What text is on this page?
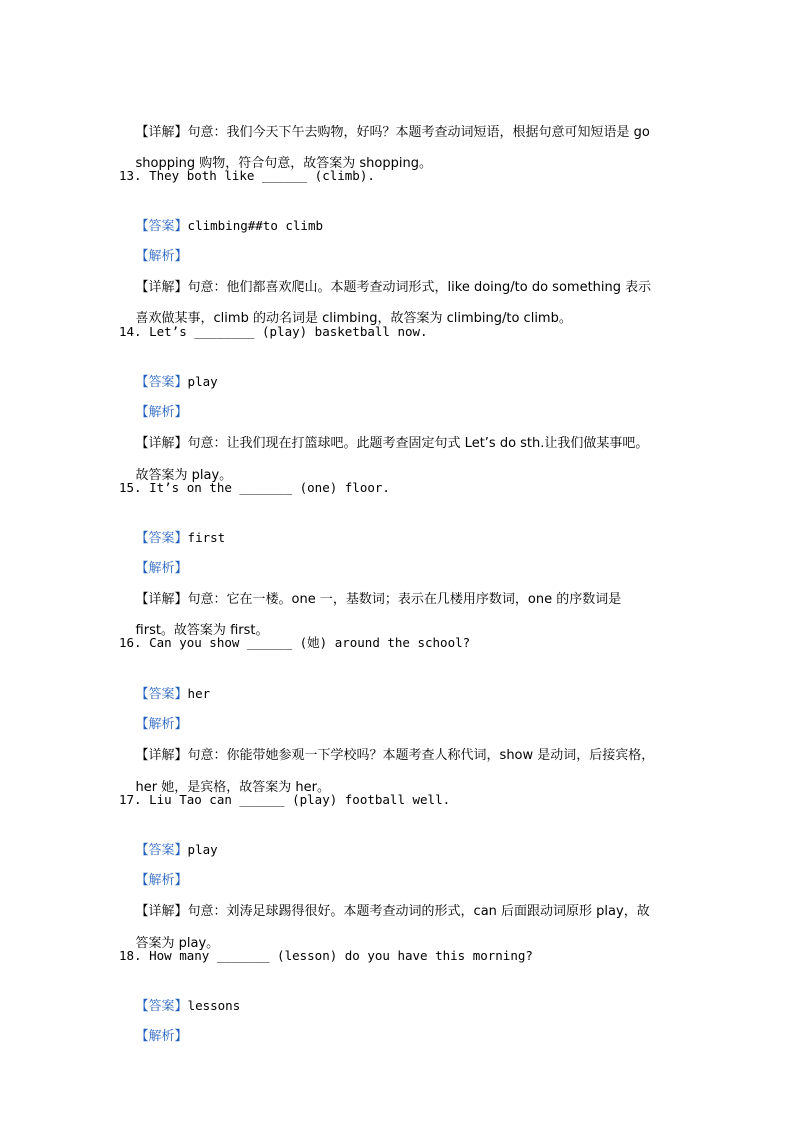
【详解】句意：我们今天下午去购物，好吗？本题考查动词短语，根据句意可知短语是 go

shopping 购物，符合句意，故答案为 shopping。

13. They both like ______ (climb).

【答案】climbing##to climb

【解析】

【详解】句意：他们都喜欢爬山。本题考查动词形式，like doing/to do something 表示

喜欢做某事，climb 的动名词是 climbing，故答案为 climbing/to climb。

14. Let’s ________ (play) basketball now.

【答案】play

【解析】

【详解】句意：让我们现在打篮球吧。此题考查固定句式 Let’s do sth.让我们做某事吧。

故答案为 play。

15. It’s on the _______ (one) floor.

【答案】first

【解析】

【详解】句意：它在一楼。one 一，基数词；表示在几楼用序数词，one 的序数词是

first。故答案为 first。

16. Can you show ______ (她) around the school?

【答案】her

【解析】

【详解】句意：你能带她参观一下学校吗？本题考查人称代词，show 是动词，后接宾格，

her 她，是宾格，故答案为 her。

17. Liu Tao can ______ (play) football well.

【答案】play

【解析】

【详解】句意：刘涛足球踢得很好。本题考查动词的形式，can 后面跟动词原形 play，故

答案为 play。

18. How many _______ (lesson) do you have this morning?

【答案】lessons

【解析】
